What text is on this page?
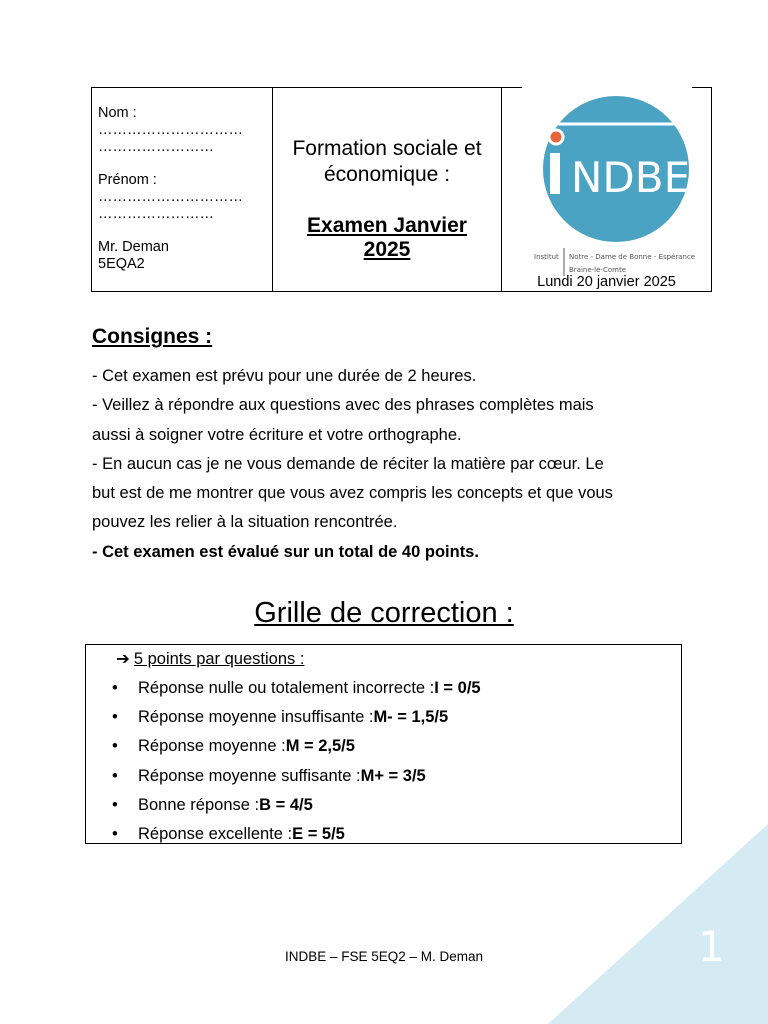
Nom :
…………………………
……………………
Prénom :
…………………………
……………………
Mr. Deman
5EQA2
Formation sociale et
économique :
Examen Janvier
2025
NDBE
Institut Notre - Dame de Bonne - Espérance
Braine-le-Comte
Lundi 20 janvier 2025
Consignes :

- Cet examen est prévu pour une durée de 2 heures.

- Veillez à répondre aux questions avec des phrases complètes mais

aussi à soigner votre écriture et votre orthographe.

- En aucun cas je ne vous demande de réciter la matière par cœur. Le

but est de me montrer que vous avez compris les concepts et que vous

pouvez les relier à la situation rencontrée.

- Cet examen est évalué sur un total de 40 points.

Grille de correction :
➔ 5 points par questions :
•	Réponse nulle ou totalement incorrecte : I = 0/5
•	Réponse moyenne insuffisante : M- = 1,5/5
•	Réponse moyenne : M = 2,5/5
•	Réponse moyenne suffisante : M+ = 3/5
•	Bonne réponse : B = 4/5
•	Réponse excellente : E = 5/5
1
INDBE – FSE 5EQ2 – M. Deman
